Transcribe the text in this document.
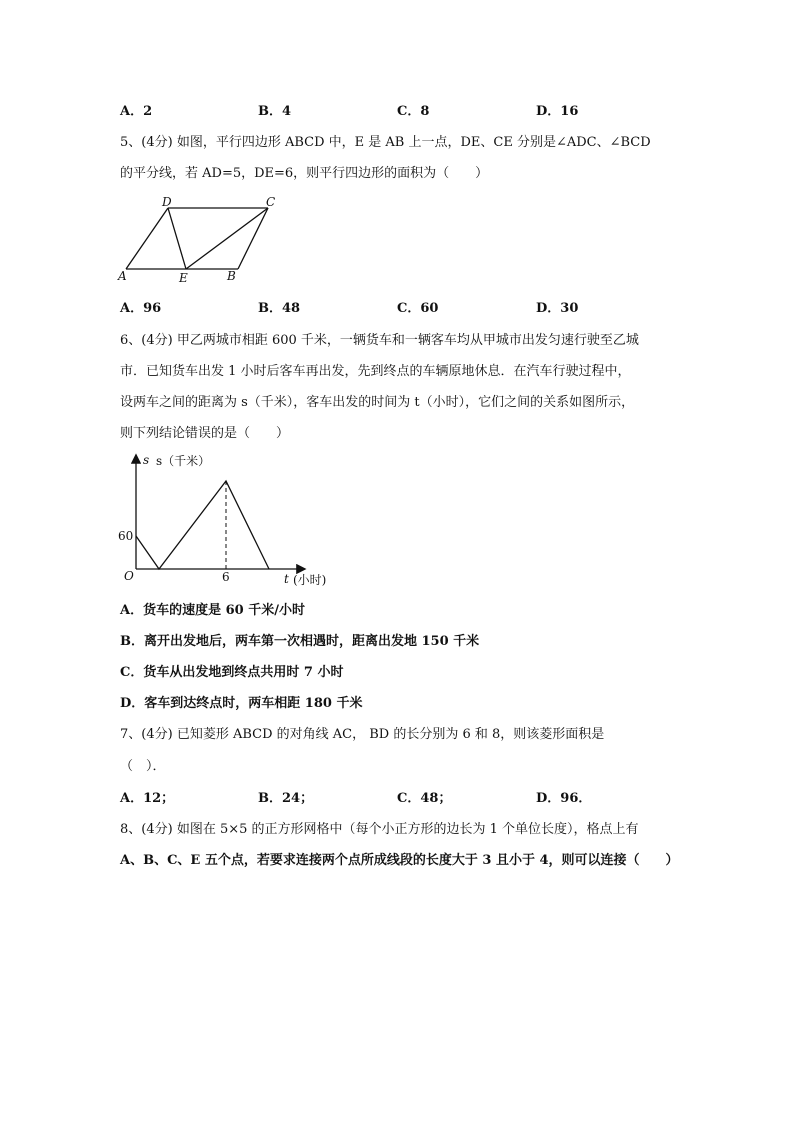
A．2	B．4	C．8	D．16
5、(4分) 如图，平行四边形 ABCD 中，E 是 AB 上一点，DE、CE 分别是∠ADC、∠BCD
的平分线，若 AD=5，DE=6，则平行四边形的面积为（　　）
D	C
A	E	B
A．96	B．48	C．60	D．30
6、(4分) 甲乙两城市相距 600 千米，一辆货车和一辆客车均从甲城市出发匀速行驶至乙城
市．已知货车出发 1 小时后客车再出发，先到终点的车辆原地休息．在汽车行驶过程中，
设两车之间的距离为 s（千米），客车出发的时间为 t（小时），它们之间的关系如图所示，
则下列结论错误的是（　　）
s s（千米）
60
O	6	t (小时)
A．货车的速度是 60 千米/小时
B．离开出发地后，两车第一次相遇时，距离出发地 150 千米
C．货车从出发地到终点共用时 7 小时
D．客车到达终点时，两车相距 180 千米
7、(4分) 已知菱形 ABCD 的对角线 AC， BD 的长分别为 6 和 8，则该菱形面积是
（　）．
A．12；	B．24；	C．48；	D．96．
8、(4分) 如图在 5×5 的正方形网格中（每个小正方形的边长为 1 个单位长度），格点上有
A、B、C、E 五个点，若要求连接两个点所成线段的长度大于 3 且小于 4，则可以连接（　　）
